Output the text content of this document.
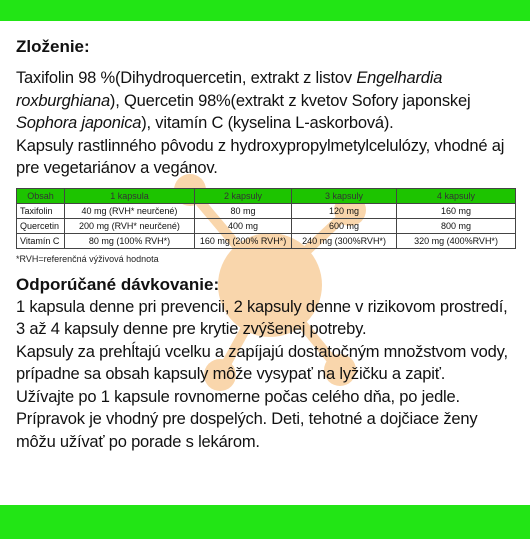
Zloženie:

Taxifolin 98 %(Dihydroquercetin, extrakt z listov Engelhardia roxburghiana), Quercetin 98%(extrakt z kvetov Sofory japonskej Sophora japonica), vitamín C (kyselina L-askorbová).

Kapsuly rastlinného pôvodu z hydroxypropylmetylcelulózy, vhodné aj pre vegetariánov a vegánov.

Obsah	1 kapsula	2 kapsuly	3 kapsuly	4 kapsuly
Taxifolin	40 mg (RVH* neurčené)	80 mg	120 mg	160 mg
Quercetin	200 mg (RVH* neurčené)	400 mg	600 mg	800 mg
Vitamín C	80 mg (100% RVH*)	160 mg (200% RVH*)	240 mg (300%RVH*)	320 mg (400%RVH*)
*RVH=referenčná výživová hodnota

Odporúčané dávkovanie:

1 kapsula denne pri prevencii, 2 kapsuly denne v rizikovom prostredí, 3 až 4 kapsuly denne pre krytie zvýšenej potreby.

Kapsuly za prehĺtajú vcelku a zapíjajú dostatočným množstvom vody, prípadne sa obsah kapsuly môže vysypať na lyžičku a zapiť.

Užívajte po 1 kapsule rovnomerne počas celého dňa, po jedle.

Prípravok je vhodný pre dospelých. Deti, tehotné a dojčiace ženy môžu užívať po porade s lekárom.
